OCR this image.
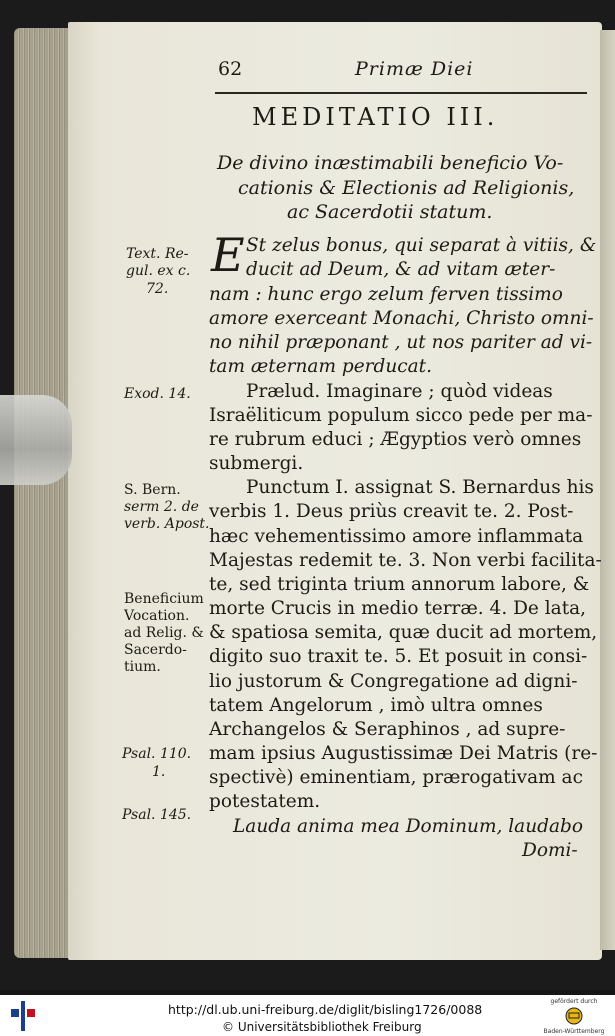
62	Primæ Diei
MEDITATIO III.
De divino inæstimabili beneficio Vo-
cationis & Electionis ad Religionis,
ac Sacerdotii statum.
E St zelus bonus, qui separat à vitiis, &
ducit ad Deum, & ad vitam æter-
nam : hunc ergo zelum ferven tissimo
amore exerceant Monachi, Christo omni-
no nihil præponant , ut nos pariter ad vi-
tam æternam perducat.
Prælud. Imaginare ; quòd videas
Israëliticum populum sicco pede per ma-
re rubrum educi ; Ægyptios verò omnes
submergi.
Punctum I. assignat S. Bernardus his
verbis 1. Deus priùs creavit te. 2. Post-
hæc vehementissimo amore inflammata
Majestas redemit te. 3. Non verbi facilita-
te, sed triginta trium annorum labore, &
morte Crucis in medio terræ. 4. De lata,
& spatiosa semita, quæ ducit ad mortem,
digito suo traxit te. 5. Et posuit in consi-
lio justorum & Congregatione ad digni-
tatem Angelorum , imò ultra omnes
Archangelos & Seraphinos , ad supre-
mam ipsius Augustissimæ Dei Matris (re-
spectivè) eminentiam, prærogativam ac
potestatem.
Lauda anima mea Dominum, laudabo
Domi-
Text. Re-
gul. ex c.
72.
Exod. 14.
S. Bern.
serm 2. de
verb. Apost.
Beneficium
Vocation.
ad Relig. &
Sacerdo-
tium.
Psal. 110.
1.
Psal. 145.
http://dl.ub.uni-freiburg.de/diglit/bisling1726/0088
© Universitätsbibliothek Freiburg
gefördert durch
Baden-Württemberg
